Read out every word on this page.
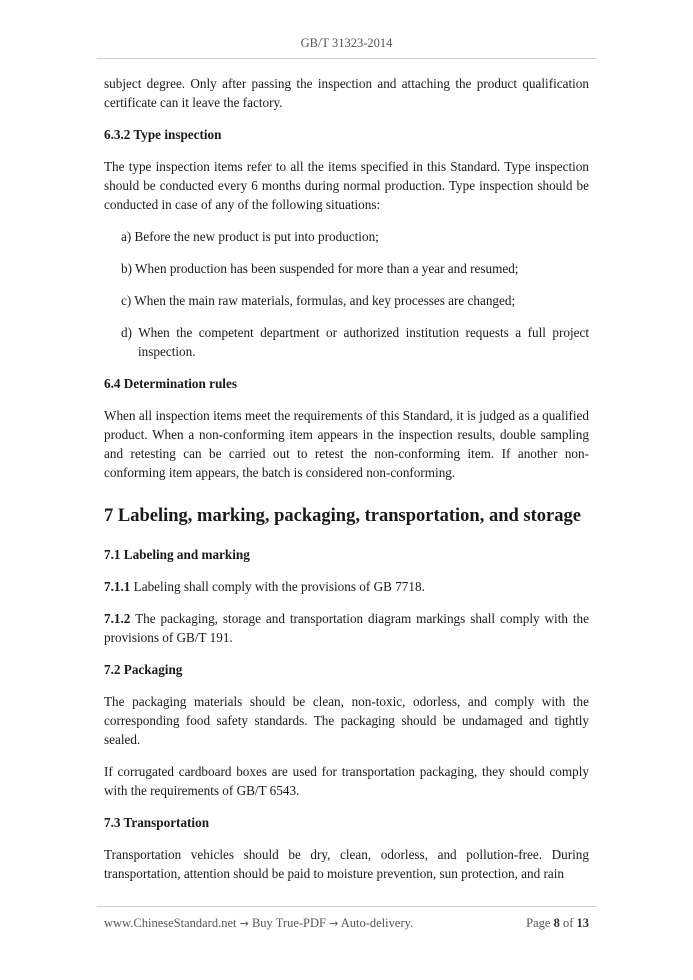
GB/T 31323-2014

subject degree. Only after passing the inspection and attaching the product qualification certificate can it leave the factory.

6.3.2 Type inspection

The type inspection items refer to all the items specified in this Standard. Type inspection should be conducted every 6 months during normal production. Type inspection should be conducted in case of any of the following situations:

a) Before the new product is put into production;

b) When production has been suspended for more than a year and resumed;

c) When the main raw materials, formulas, and key processes are changed;

d) When the competent department or authorized institution requests a full project inspection.

6.4 Determination rules

When all inspection items meet the requirements of this Standard, it is judged as a qualified product. When a non-conforming item appears in the inspection results, double sampling and retesting can be carried out to retest the non-conforming item. If another non-conforming item appears, the batch is considered non-conforming.

7 Labeling, marking, packaging, transportation, and storage

7.1 Labeling and marking

7.1.1 Labeling shall comply with the provisions of GB 7718.

7.1.2 The packaging, storage and transportation diagram markings shall comply with the provisions of GB/T 191.

7.2 Packaging

The packaging materials should be clean, non-toxic, odorless, and comply with the corresponding food safety standards. The packaging should be undamaged and tightly sealed.

If corrugated cardboard boxes are used for transportation packaging, they should comply with the requirements of GB/T 6543.

7.3 Transportation

Transportation vehicles should be dry, clean, odorless, and pollution-free. During transportation, attention should be paid to moisture prevention, sun protection, and rain

www.ChineseStandard.net → Buy True-PDF → Auto-delivery.	Page 8 of 13
